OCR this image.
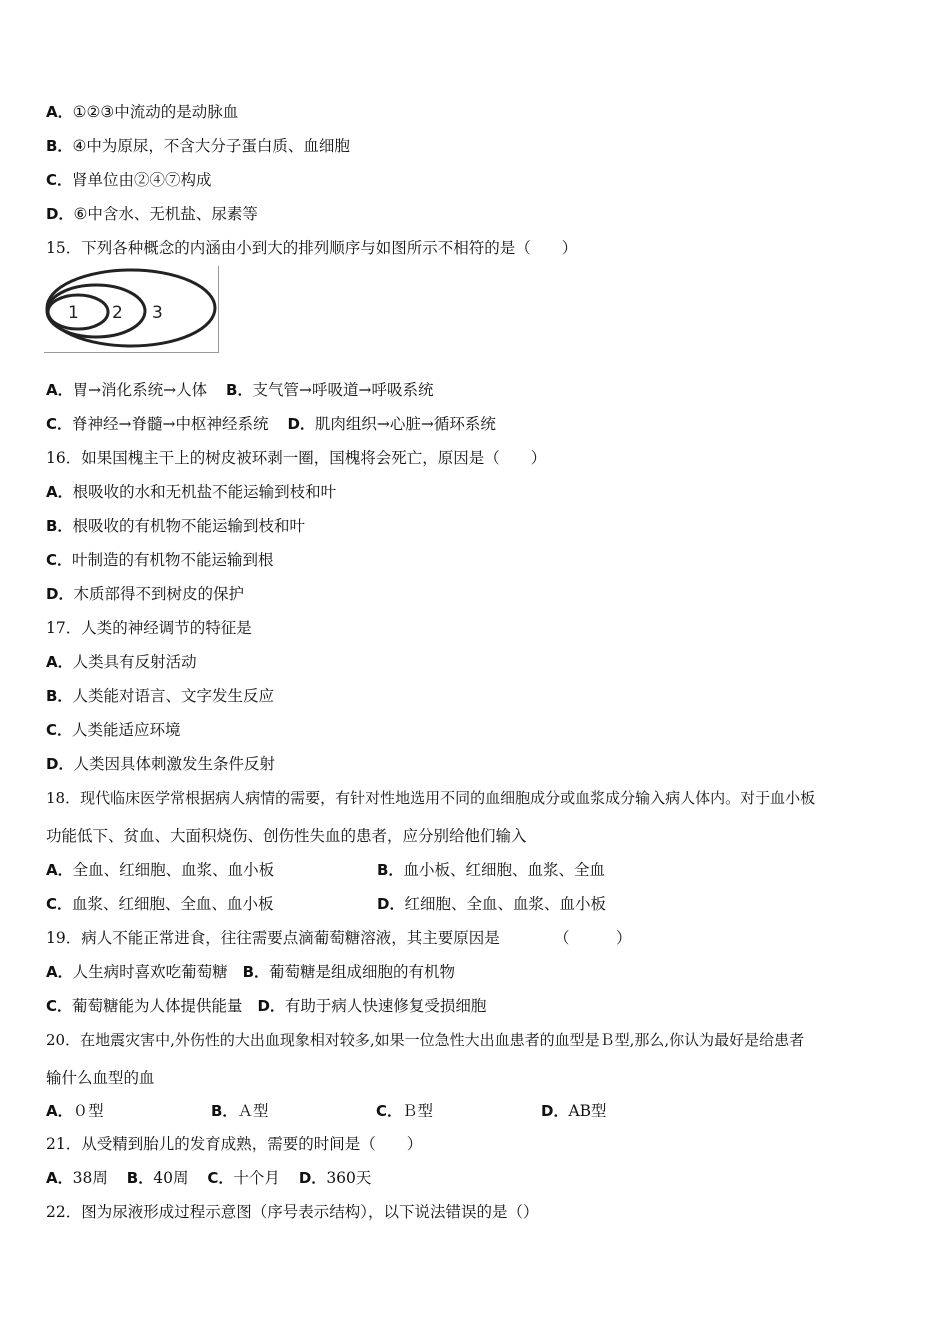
A．①②③中流动的是动脉血
B．④中为原尿，不含大分子蛋白质、血细胞
C．肾单位由②④⑦构成
D．⑥中含水、无机盐、尿素等
15．下列各种概念的内涵由小到大的排列顺序与如图所示不相符的是（　　）
1 2 3
A．胃→消化系统→人体 B．支气管→呼吸道→呼吸系统
C．脊神经→脊髓→中枢神经系统 D．肌肉组织→心脏→循环系统
16．如果国槐主干上的树皮被环剥一圈，国槐将会死亡，原因是（　　）
A．根吸收的水和无机盐不能运输到枝和叶
B．根吸收的有机物不能运输到枝和叶
C．叶制造的有机物不能运输到根
D．木质部得不到树皮的保护
17．人类的神经调节的特征是
A．人类具有反射活动
B．人类能对语言、文字发生反应
C．人类能适应环境
D．人类因具体刺激发生条件反射
18．现代临床医学常根据病人病情的需要，有针对性地选用不同的血细胞成分或血浆成分输入病人体内。对于血小板
功能低下、贫血、大面积烧伤、创伤性失血的患者，应分别给他们输入
A．全血、红细胞、血浆、血小板	B．血小板、红细胞、血浆、全血
C．血浆、红细胞、全血、血小板	D．红细胞、全血、血浆、血小板
19．病人不能正常进食，往往需要点滴葡萄糖溶液，其主要原因是　　　　（　　　）
A．人生病时喜欢吃葡萄糖 B．葡萄糖是组成细胞的有机物
C．葡萄糖能为人体提供能量 D．有助于病人快速修复受损细胞
20．在地震灾害中,外伤性的大出血现象相对较多,如果一位急性大出血患者的血型是Ｂ型,那么,你认为最好是给患者
输什么血型的血
A．０型	B．Ａ型	C．Ｂ型	D．AB型
21．从受精到胎儿的发育成熟，需要的时间是（　　）
A．38周 B．40周 C．十个月 D．360天
22．图为尿液形成过程示意图（序号表示结构），以下说法错误的是（）
